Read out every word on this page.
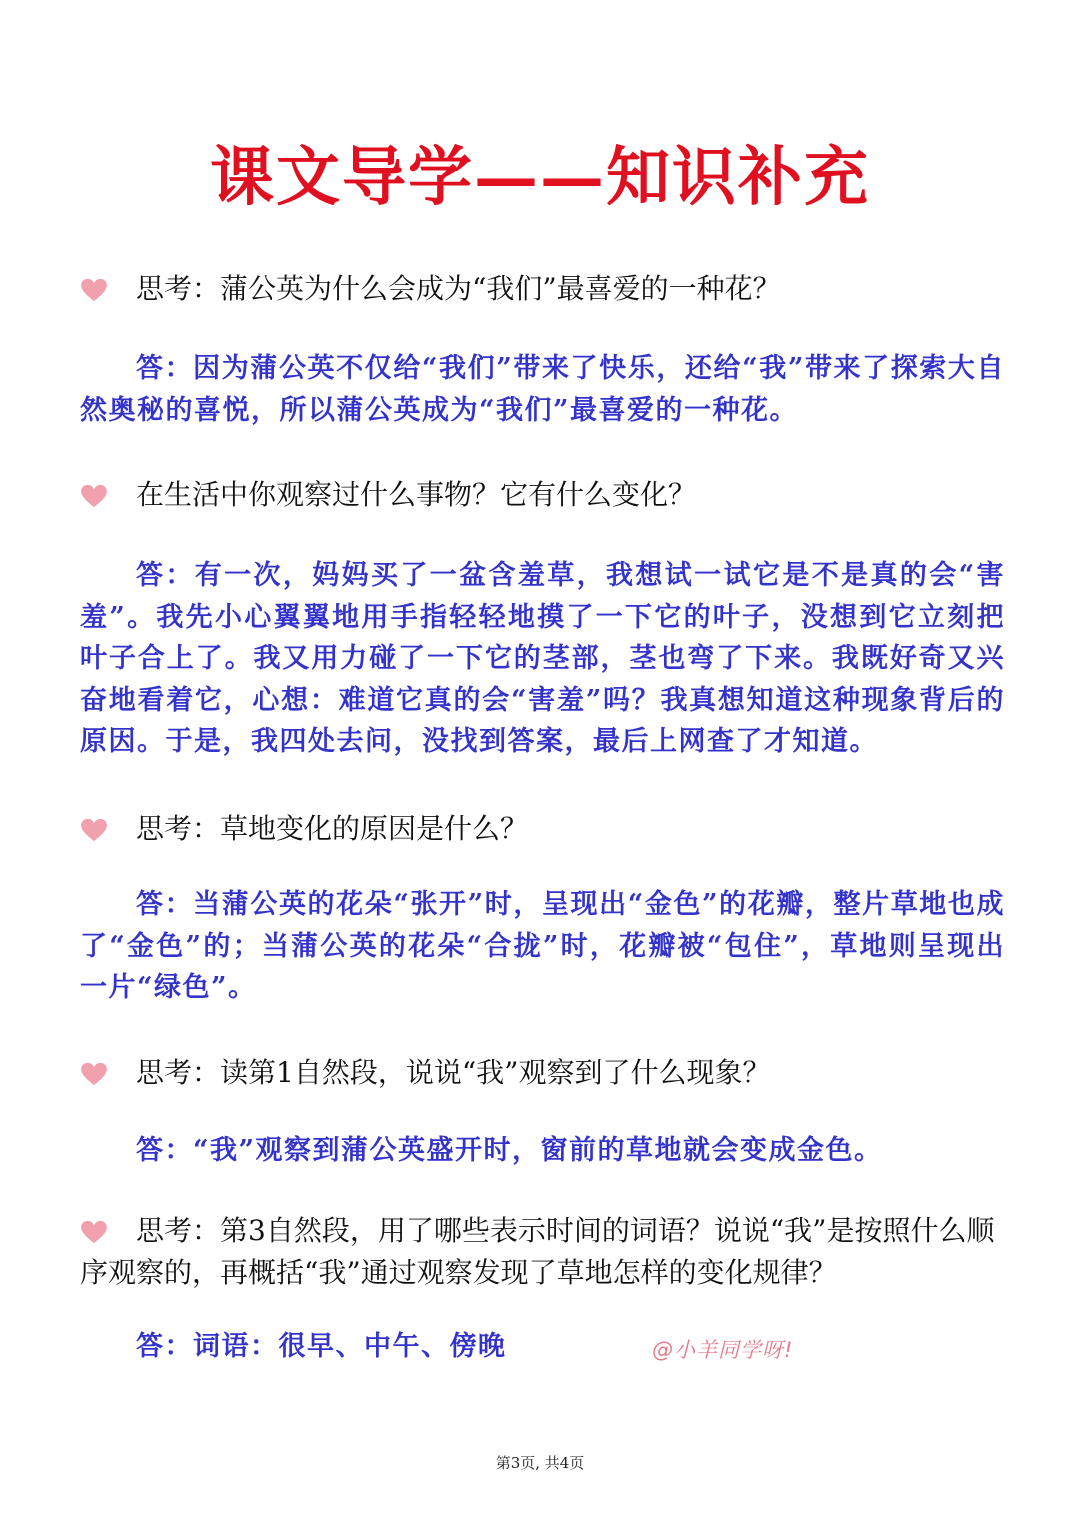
课文导学——知识补充
思考：蒲公英为什么会成为“我们”最喜爱的一种花？
答：因为蒲公英不仅给“我们”带来了快乐，还给“我”带来了探索大自然奥秘的喜悦，所以蒲公英成为“我们”最喜爱的一种花。
在生活中你观察过什么事物？它有什么变化？
答：有一次，妈妈买了一盆含羞草，我想试一试它是不是真的会“害羞”。我先小心翼翼地用手指轻轻地摸了一下它的叶子，没想到它立刻把叶子合上了。我又用力碰了一下它的茎部，茎也弯了下来。我既好奇又兴奋地看着它，心想：难道它真的会“害羞”吗？我真想知道这种现象背后的原因。于是，我四处去问，没找到答案，最后上网查了才知道。
思考：草地变化的原因是什么？
答：当蒲公英的花朵“张开”时，呈现出“金色”的花瓣，整片草地也成了“金色”的；当蒲公英的花朵“合拢”时，花瓣被“包住”，草地则呈现出一片“绿色”。
思考：读第1自然段，说说“我”观察到了什么现象？
答：“我”观察到蒲公英盛开时，窗前的草地就会变成金色。
思考：第3自然段，用了哪些表示时间的词语？说说“我”是按照什么顺序观察的，再概括“我”通过观察发现了草地怎样的变化规律？
答：词语：很早、中午、傍晚	@小羊同学呀!
第3页, 共4页
